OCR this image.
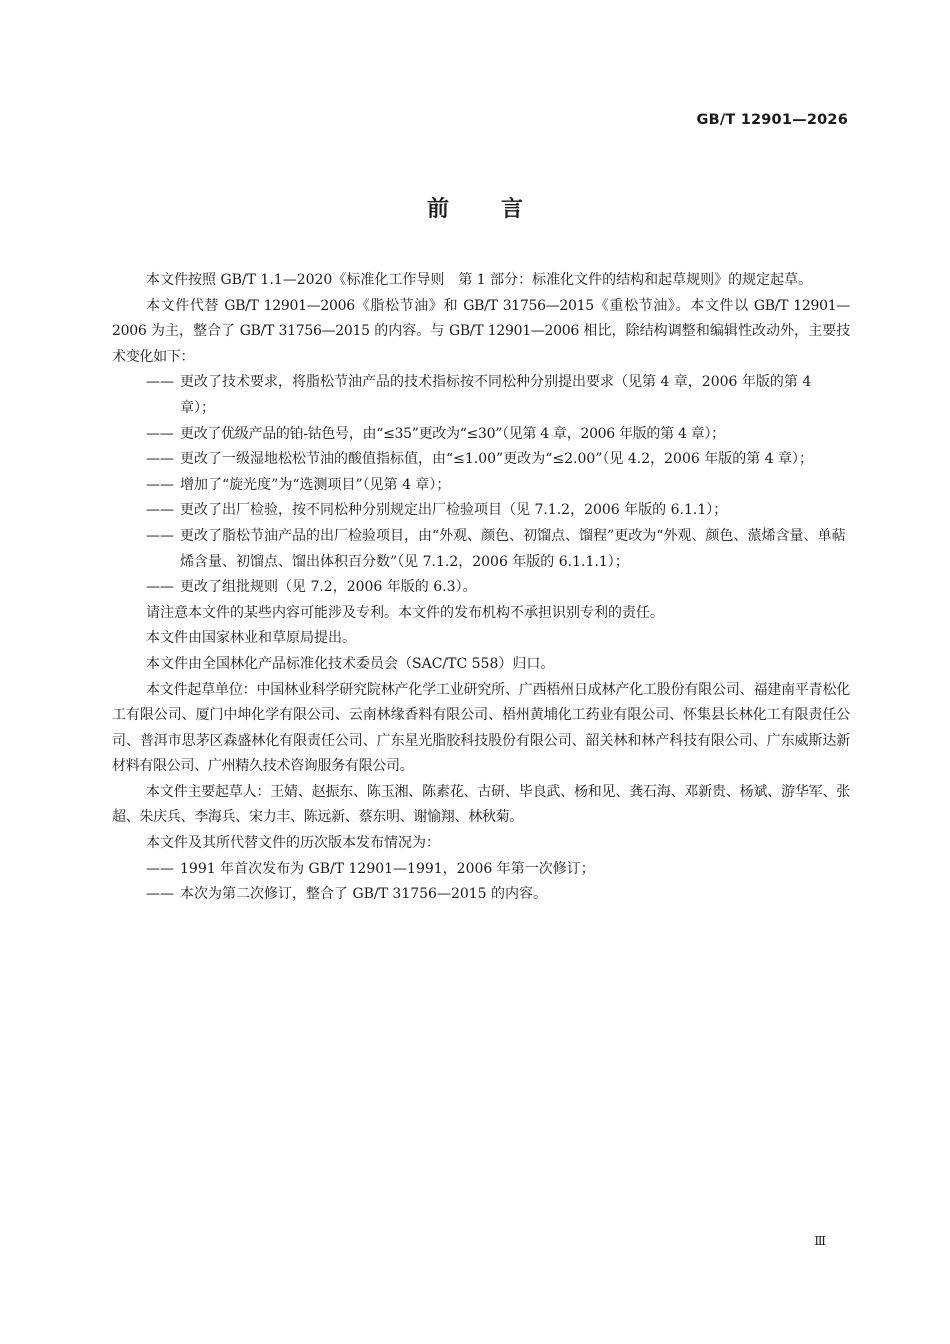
GB/T 12901—2026
前言

本文件按照 GB/T 1.1—2020《标准化工作导则　第 1 部分：标准化文件的结构和起草规则》的规定起草。

本文件代替 GB/T 12901—2006《脂松节油》和 GB/T 31756—2015《重松节油》。本文件以 GB/T 12901—2006 为主，整合了 GB/T 31756—2015 的内容。与 GB/T 12901—2006 相比，除结构调整和编辑性改动外，主要技术变化如下：

—— 更改了技术要求，将脂松节油产品的技术指标按不同松种分别提出要求（见第 4 章，2006 年版的第 4 章）；
—— 更改了优级产品的铂-钴色号，由“≤35”更改为“≤30”（见第 4 章，2006 年版的第 4 章）；
—— 更改了一级湿地松松节油的酸值指标值，由“≤1.00”更改为“≤2.00”（见 4.2，2006 年版的第 4 章）；
—— 增加了“旋光度”为“选测项目”（见第 4 章）；
—— 更改了出厂检验，按不同松种分别规定出厂检验项目（见 7.1.2，2006 年版的 6.1.1）；
—— 更改了脂松节油产品的出厂检验项目，由“外观、颜色、初馏点、馏程”更改为“外观、颜色、蒎烯含量、单萜烯含量、初馏点、馏出体积百分数”（见 7.1.2，2006 年版的 6.1.1.1）；
—— 更改了组批规则（见 7.2，2006 年版的 6.3）。

请注意本文件的某些内容可能涉及专利。本文件的发布机构不承担识别专利的责任。

本文件由国家林业和草原局提出。

本文件由全国林化产品标准化技术委员会（SAC/TC 558）归口。

本文件起草单位：中国林业科学研究院林产化学工业研究所、广西梧州日成林产化工股份有限公司、福建南平青松化工有限公司、厦门中坤化学有限公司、云南林缘香料有限公司、梧州黄埔化工药业有限公司、怀集县长林化工有限责任公司、普洱市思茅区森盛林化有限责任公司、广东星光脂胶科技股份有限公司、韶关林和林产科技有限公司、广东威斯达新材料有限公司、广州精久技术咨询服务有限公司。

本文件主要起草人：王婧、赵振东、陈玉湘、陈素花、古研、毕良武、杨和见、龚石海、邓新贵、杨斌、游华军、张超、朱庆兵、李海兵、宋力丰、陈远新、蔡东明、谢愉翔、林秋菊。

本文件及其所代替文件的历次版本发布情况为：

—— 1991 年首次发布为 GB/T 12901—1991，2006 年第一次修订；
—— 本次为第二次修订，整合了 GB/T 31756—2015 的内容。
Ⅲ
